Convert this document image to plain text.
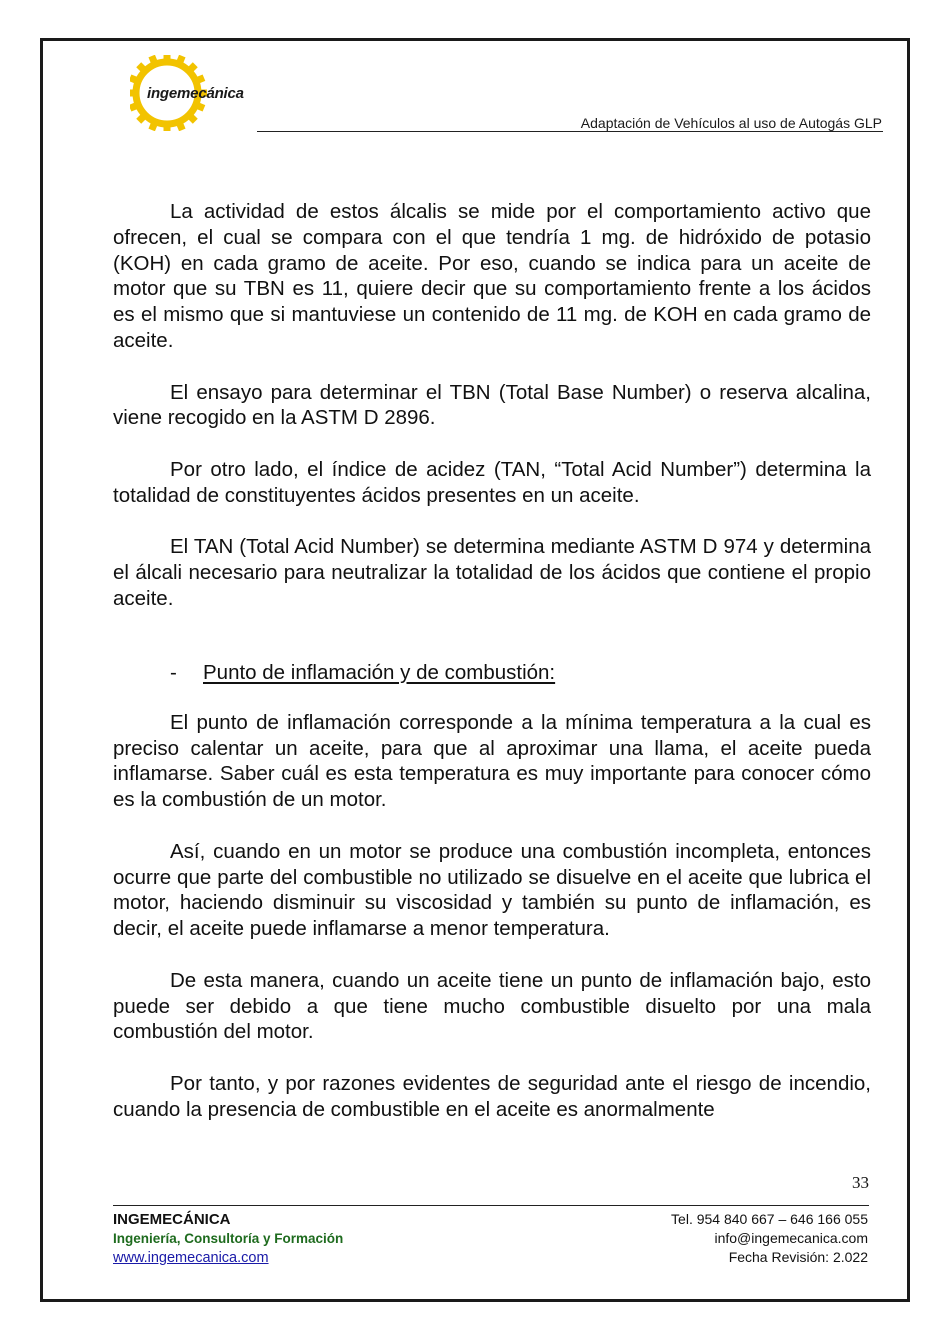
ingemecánica
Adaptación de Vehículos al uso de Autogás GLP

La actividad de estos álcalis se mide por el comportamiento activo que ofrecen, el cual se compara con el que tendría 1 mg. de hidróxido de potasio (KOH) en cada gramo de aceite. Por eso, cuando se indica para un aceite de motor que su TBN es 11, quiere decir que su comportamiento frente a los ácidos es el mismo que si mantuviese un contenido de 11 mg. de KOH en cada gramo de aceite.

El ensayo para determinar el TBN (Total Base Number) o reserva alcalina, viene recogido en la ASTM D 2896.

Por otro lado, el índice de acidez (TAN, “Total Acid Number”) determina la totalidad de constituyentes ácidos presentes en un aceite.

El TAN (Total Acid Number) se determina mediante ASTM D 974 y determina el álcali necesario para neutralizar la totalidad de los ácidos que contiene el propio aceite.

- Punto de inflamación y de combustión:

El punto de inflamación corresponde a la mínima temperatura a la cual es preciso calentar un aceite, para que al aproximar una llama, el aceite pueda inflamarse. Saber cuál es esta temperatura es muy importante para conocer cómo es la combustión de un motor.

Así, cuando en un motor se produce una combustión incompleta, entonces ocurre que parte del combustible no utilizado se disuelve en el aceite que lubrica el motor, haciendo disminuir su viscosidad y también su punto de inflamación, es decir, el aceite puede inflamarse a menor temperatura.

De esta manera, cuando un aceite tiene un punto de inflamación bajo, esto puede ser debido a que tiene mucho combustible disuelto por una mala combustión del motor.

Por tanto, y por razones evidentes de seguridad ante el riesgo de incendio, cuando la presencia de combustible en el aceite es anormalmente

33
INGEMECÁNICA
Ingeniería, Consultoría y Formación
www.ingemecanica.com
Tel. 954 840 667 – 646 166 055
info@ingemecanica.com
Fecha Revisión: 2.022
